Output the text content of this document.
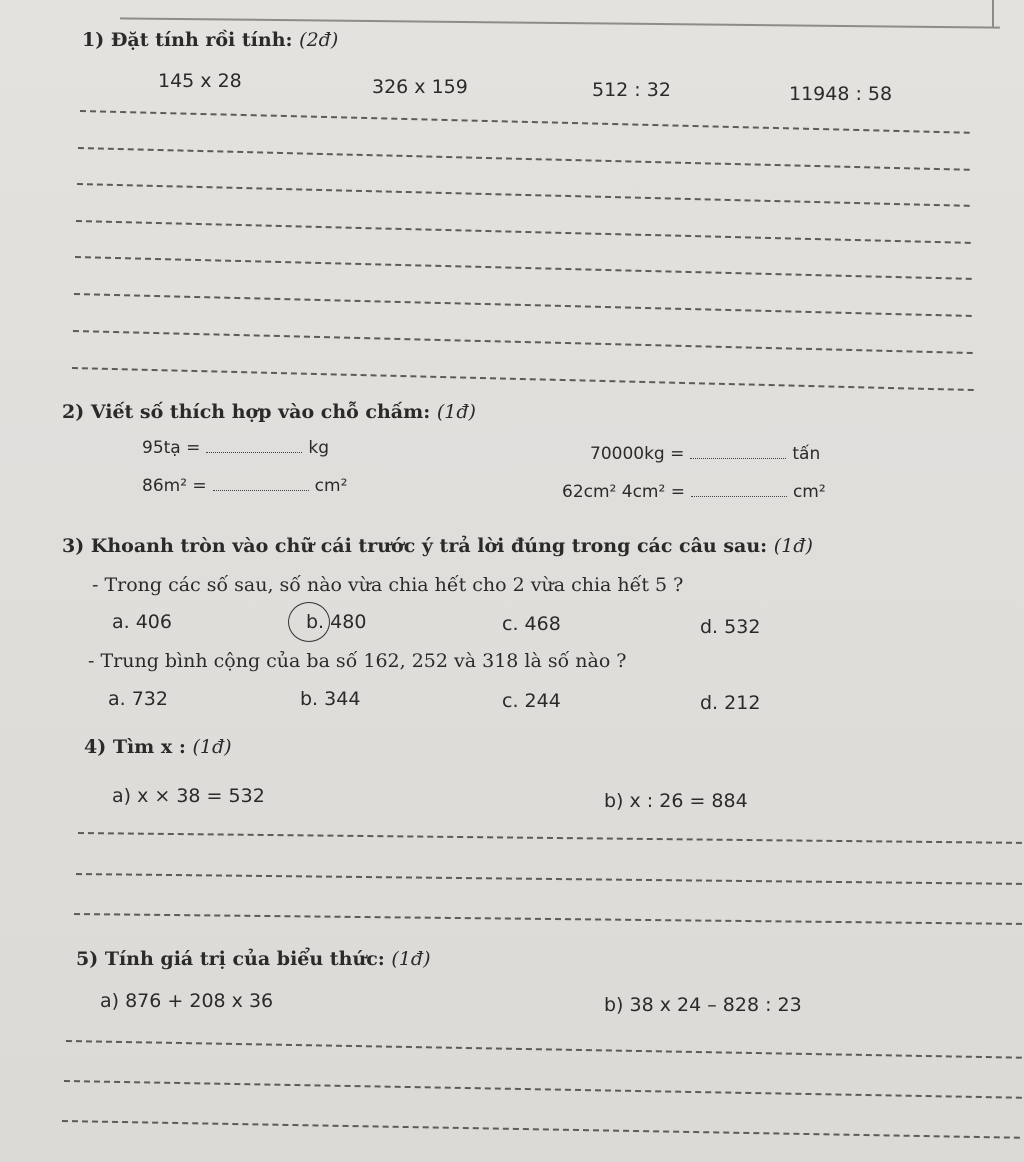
1) Đặt tính rồi tính: (2đ)
145 x 28	326 x 159	512 : 32	11948 : 58
2) Viết số thích hợp vào chỗ chấm: (1đ)
95tạ =	kg	70000kg =	tấn
86m² =	cm²	62cm² 4cm² =	cm²
3) Khoanh tròn vào chữ cái trước ý trả lời đúng trong các câu sau: (1đ)
- Trong các số sau, số nào vừa chia hết cho 2 vừa chia hết 5 ?
a. 406	b. 480	c. 468	d. 532
- Trung bình cộng của ba số 162, 252 và 318 là số nào ?
a. 732	b. 344	c. 244	d. 212
4) Tìm x : (1đ)
a) x × 38 = 532	b) x : 26 = 884
5) Tính giá trị của biểu thức: (1đ)
a) 876 + 208 x 36	b) 38 x 24 – 828 : 23
